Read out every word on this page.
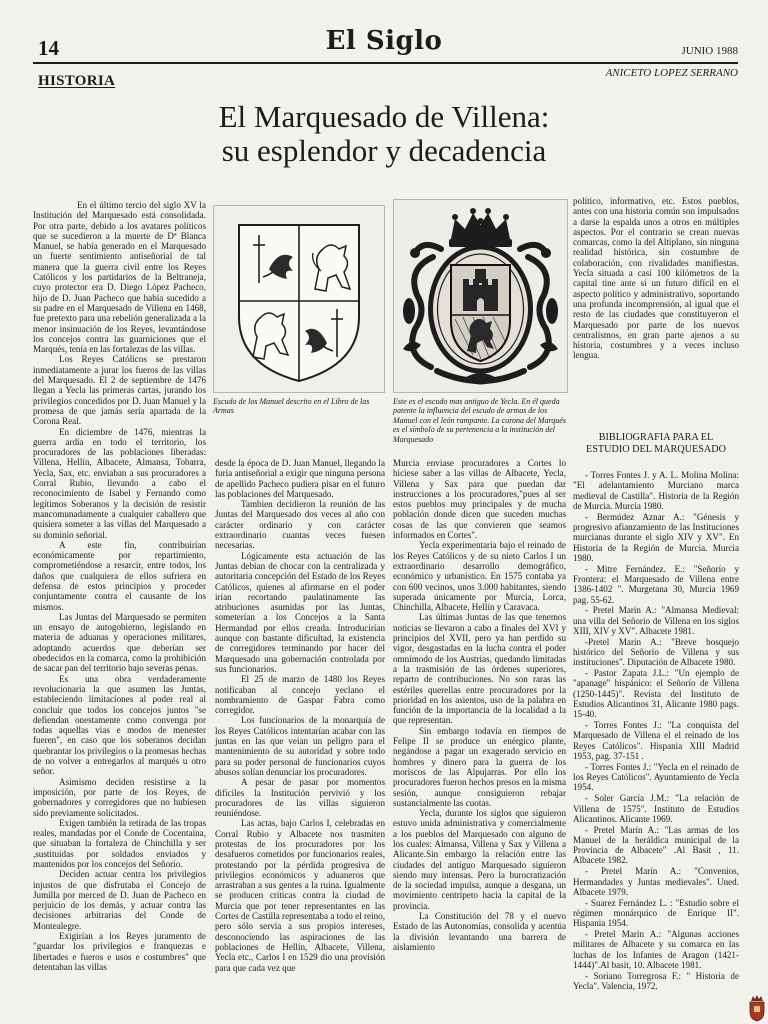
14	El Siglo	JUNIO 1988
HISTORIA	ANICETO LOPEZ SERRANO
El Marquesado de Villena:
su esplendor y decadencia

En el último tercio del siglo XV la Institución del Marquesado está consolidada. Por otra parte, debido a los avatares políticos que se sucedieron a la muerte de Dª Blanca Manuel, se había generado en el Marquesado un fuerte sentimiento antiseñorial de tal manera que la guerra civil entre los Reyes Católicos y los partidarios de la Beltraneja, cuyo protector era D. Diego López Pacheco, hijo de D. Juan Pacheco que había sucedido a su padre en el Marquesado de Villena en 1468, fue pretexto para una rebelión generalizada a la menor insinuación de los Reyes, levantándose los concejos contra las guarniciones que el Marqués, tenía en las fortalezas de las villas.

Los Reyes Católicos se prestaron inmediatamente a jurar los fueros de las villas del Marquesado. El 2 de septiembre de 1476 llegan a Yecla las primeras cartas, jurando los privilegios concedidos por D. Juan Manuel y la promesa de que jamás sería apartada de la Corona Real.

En diciembre de 1476, mientras la guerra ardía en todo el territorio, los procuradores de las poblaciones liberadas: Villena, Hellín, Albacete, Almansa, Tobarra, Yecla, Sax, etc. enviaban a sus procuradores a Corral Rubio, llevando a cabo el reconocimiento de Isabel y Fernando como legítimos Soberanos y la decisión de resistir mancomunadamente a cualquier caballero que quisiera someter a las villas del Marquesado a su dominio señorial.

A este fin, contribuirían económicamente por repartimiento, comprometiéndose a resarcir, entre todos, los daños que cualquiera de ellos sufriera en defensa de estos principios y proceder conjuntamente contra el causante de los mismos.

Las Juntas del Marquesado se permiten un ensayo de autogobierno, legislando en materia de aduanas y operaciones militares, adoptando acuerdos que deberían ser obedecidos en la comarca, como la prohibición de sacar pan del territorio bajo severas penas.

Es una obra verdaderamente revolucionaria la que asumen las Juntas, estableciendo limitaciones al poder real al concluir que todos los concejos juntos "se defiendan onestamente como convenga por todas aquellas vias e modos de menester fueren", en caso que los soberanos decidan quebrantar los privilegios o la promesas hechas de no volver a entregarlos al marqués u otro señor.

Asimismo deciden resistirse a la imposición, por parte de los Reyes, de gobernadores y corregidores que no hubiesen sido previamente solicitados.

Exigen también la retirada de las tropas reales, mandadas por el Conde de Cocentaina, que situaban la fortaleza de Chinchilla y ser ,sustituidas por soldados enviados y mantenidos por los concejos del Señorío.

Deciden actuar centra los privilegios injustos de que disfrutaba el Concejo de Jumilla por merced de D. Juan de Pacheco en perjuicio de los demás, y actuar contra las decisiones arbitrarias del Conde de Montealegre.

Exigirían a los Reyes juramento de "guardar los privilegios e franquezas e libertades e fueros e usos e costumbres" que detentaban las villas

Escudo de los Manuel descrito en el Libro de las Armas
Este es el escudo mas antiguo de Yecla. En él queda patente la influencia del escudo de armas de los Manuel con el león rampante. La corona del Marqués es el símbolo de su pertenencia a la institución del Marquesado

desde la época de D. Juan Manuel, llegando la furia antiseñorial a exigir que ninguna persona de apellido Pacheco pudiera pisar en el futuro las poblaciones del Marquesado.

Tambien decidieron la reunión de las Juntas del Marquesado dos veces al año con carácter ordinario y con carácter extraordinario cuantas veces fuesen necesarias.

Lógicamente esta actuación de las Juntas debían de chocar con la centralizada y autoritaria concepción del Estado de los Reyes Católicos, quienes al afirmarse en el poder irían recortando paulatinamente las atribuciones asumidas por las Juntas, someterían a los Concejos a la Santa Hermandad por ellos creada. Introducirían aunque con bastante dificultad, la existencia de corregidores terminando por hacer del Marquesado una gobernación controlada por sus funcionarios.

El 25 de marzo de 1480 los Reyes notificaban al concejo yeclano el nombramiento de Gaspar Fabra como corregidor.

Los funcionarios de la monarquía de los Reyes Católicos intentarían acabar con las juntas en las que veían un peligro para el mantenimiento de su autoridad y sobre todo para su poder personal de funcionarios cuyos abusos solían denunciar los procuradores.

A pesar de pasar por momentos difíciles la Institución pervivió y los procuradores de las villas siguieron reuniéndose.

Las actas, bajo Carlos I, celebradas en Corral Rubio y Albacete nos trasmiten protestas de los procuradores por los desafueros cometidos por funcionarios reales, protestando por la pérdida progresiva de privilegios económicos y aduaneros que arrastraban a sus gentes a la ruina. Igualmente se producen críticas contra la ciudad de Murcia que por tener representantes en las Cortes de Castilla representaba a todo el reino, pero sólo servía a sus propios intereses, desconociendo las aspiraciones de las poblaciones de Hellín, Albacete, Villena, Yecla etc., Carlos I en 1529 dio una provisión para que cada vez que

Murcia enviase procuradores a Cortes lo hiciese saber a las villas de Albacete, Yecla, Villena y Sax para que puedan dar instrucciones a los procuradores,"pues al ser estos pueblos muy principales y de mucha población donde dicen que suceden muchas cosas de las que convieren que seamos informados en Cortes".

Yecla experimentaría bajo el reinado de los Reyes Católicos y de su nieto Carlos I un extraordinario desarrollo demográfico, económico y urbanístico. En 1575 contaba ya con 600 vecinos, unos 3.000 habitantes, siendo superada únicamente por Murcia, Lorca, Chinchilla, Albacete, Hellín y Caravaca.

Las últimas Juntas de las que tenemos noticias se llevaron a cabo a finales del XVI y principios del XVII, pero ya han perdido su vigor, desgastadas en la lucha contra el poder omnímodo de los Austrias, quedando limitadas a la trasmisión de las órdenes superiores, reparto de contribuciones. No son raras las estériles querellas entre procuradores por la prioridad en los asientos, uso de la palabra en función de la importancia de la localidad a la que representan.

Sin embargo todavía en tiempos de Felipe II se produce un enérgico plante, negándose a pagar un exagerado servicio en hombres y dinero para la guerra de los moriscos de las Alpujarras. Por ello los procuradores fueron hechos presos en la misma sesión, aunque consiguieron rebajar sustancialmente las cuotas.

Yecla, durante los siglos que siguieron estuvo unida administrativa y comercialmente a los pueblos del Marquesado con alguno de los cuales: Almansa, Villena y Sax y Villena a Alicante.Sin embargo la relación entre las ciudades del antiguo Marquesado siguieron siendo muy intensas. Pero la burocratización de la sociedad impulsa, aunque a desgana, un movimiento centrípeto hacia la capital de la provincia.

La Constitución del 78 y el nuevo Estado de las Autonomías, consolida y acentúa la división levantando una barrera de aislamiento

político, informativo, etc. Estos pueblos, antes con una historia común son impulsados a darse la espalda unos a otros en múltiples aspectos. Por el contrario se crean nuevas comarcas, como la del Altiplano, sin ninguna realidad histórica, sin costumbre de colaboración, con rivalidades manifiestas. Yecla situada a casi 100 kilómetros de la capital tine ante sí un futuro difícil en el aspecto político y administrativo, soportando una profunda incomprensión, al igual que el resto de las ciudades que constituyeron el Marquesado por parte de los nuevos centralismos, en gran parte ajenos a su historia, costumbres y a veces incluso lengua.

BIBLIOGRAFIA PARA EL
ESTUDIO DEL MARQUESADO

- Torres Fontes J. y A. L. Molina Molina: "El adelantamiento Murciano marca medieval de Castilla". Historia de la Región de Murcia. Murcia 1980.

- Bermúdez Aznar A.: "Génesis y progresivo afianzamiento de las Instituciones murcianas durante el siglo XIV y XV". En Historia de la Región de Murcia. Murcia 1980.

- Mitre Fernández. E.: "Señorío y Frontera: el Marquesado de Villena entre 1386-1402 ". Murgetana 30, Murcia 1969 pag. 55-62.

- Pretel Marín A.: "Almansa Medieval: una villa del Señorío de Villena en los siglos XIII, XIV y XV". Albacete 1981.

-Pretel Marín A.: "Breve bosquejo histórico del Señorío de Villena y sus instituciones". Diputación de Albacete 1980.

- Pastor Zapata J.L.: "Un ejemplo de "apanage" hispánico: el Señorío de Villena (1250-1445)". Revista del Instituto de Estudios Alicantinos 31, Alicante 1980 pags. 15-40.

- Torres Fontes J.: "La conquista del Marquesado de Villena el el reinado de los Reyes Católicos". Hispania XIII Madrid 1953, pag. 37-151 .

- Torres Fontes J.: "Yecla en el reinado de los Reyes Católicos". Ayuntamiento de Yecla 1954.

- Soler García J.M.: "La relación de Villena de 1575". Instituto de Estudios Alicantinos. Alicante 1969.

- Pretel Marín A.: "Las armas de los Manuel de la heráldica municipal de la Provincia de Albacete" .Al Basit , 11. Albacete 1982.

- Pretel Marín A.: "Convenios, Hermandades y Juntas medievales". Uned. Albacete 1979.

- Suarez Fernández L. : "Estudio sobre el régimen monárquico de Enrique II". Hispania 1954.

- Pretel Marín A.: "Algunas acciones militares de Albacete y su comarca en las luchas de los Infantes de Aragon (1421-1444)".Al basit, 10. Albacete 1981.

- Soriano Torregrosa F.: " Historia de Yecla". Valencia, 1972.
